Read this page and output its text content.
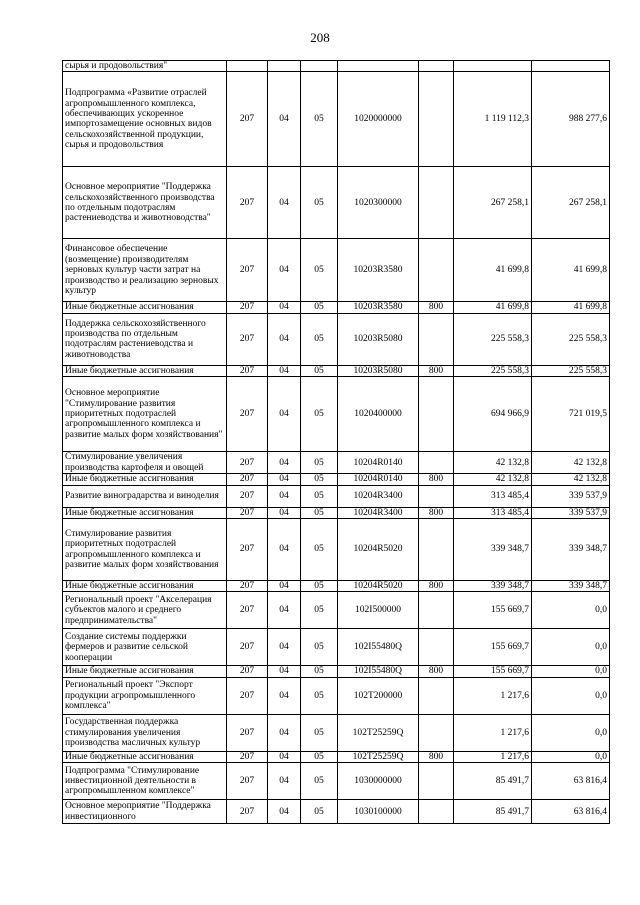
208
сырья и продовольствия"							
Подпрограмма «Развитие отраслей агропромышленного комплекса, обеспечивающих ускоренное импортозамещение основных видов сельскохозяйственной продукции, сырья и продовольствия	207	04	05	1020000000		1 119 112,3	988 277,6
Основное мероприятие "Поддержка сельскохозяйственного производства по отдельным подотраслям растениеводства и животноводства"	207	04	05	1020300000		267 258,1	267 258,1
Финансовое обеспечение (возмещение) производителям зерновых культур части затрат на производство и реализацию зерновых культур	207	04	05	10203R3580		41 699,8	41 699,8
Иные бюджетные ассигнования	207	04	05	10203R3580	800	41 699,8	41 699,8
Поддержка сельскохозяйственного производства по отдельным подотраслям растениеводства и животноводства	207	04	05	10203R5080		225 558,3	225 558,3
Иные бюджетные ассигнования	207	04	05	10203R5080	800	225 558,3	225 558,3
Основное мероприятие "Стимулирование развития приоритетных подотраслей агропромышленного комплекса и развитие малых форм хозяйствования"	207	04	05	1020400000		694 966,9	721 019,5
Стимулирование увеличения производства картофеля и овощей	207	04	05	10204R0140		42 132,8	42 132,8
Иные бюджетные ассигнования	207	04	05	10204R0140	800	42 132,8	42 132,8
Развитие виноградарства и виноделия	207	04	05	10204R3400		313 485,4	339 537,9
Иные бюджетные ассигнования	207	04	05	10204R3400	800	313 485,4	339 537,9
Стимулирование развития приоритетных подотраслей агропромышленного комплекса и развитие малых форм хозяйствования	207	04	05	10204R5020		339 348,7	339 348,7
Иные бюджетные ассигнования	207	04	05	10204R5020	800	339 348,7	339 348,7
Региональный проект "Акселерация субъектов малого и среднего предпринимательства"	207	04	05	102I500000		155 669,7	0,0
Создание системы поддержки фермеров и развитие сельской кооперации	207	04	05	102I55480Q		155 669,7	0,0
Иные бюджетные ассигнования	207	04	05	102I55480Q	800	155 669,7	0,0
Региональный проект "Экспорт продукции агропромышленного комплекса"	207	04	05	102T200000		1 217,6	0,0
Государственная поддержка стимулирования увеличения производства масличных культур	207	04	05	102T25259Q		1 217,6	0,0
Иные бюджетные ассигнования	207	04	05	102T25259Q	800	1 217,6	0,0
Подпрограмма "Стимулирование инвестиционной деятельности в агропромышленном комплексе"	207	04	05	1030000000		85 491,7	63 816,4
Основное мероприятие "Поддержка инвестиционного	207	04	05	1030100000		85 491,7	63 816,4
